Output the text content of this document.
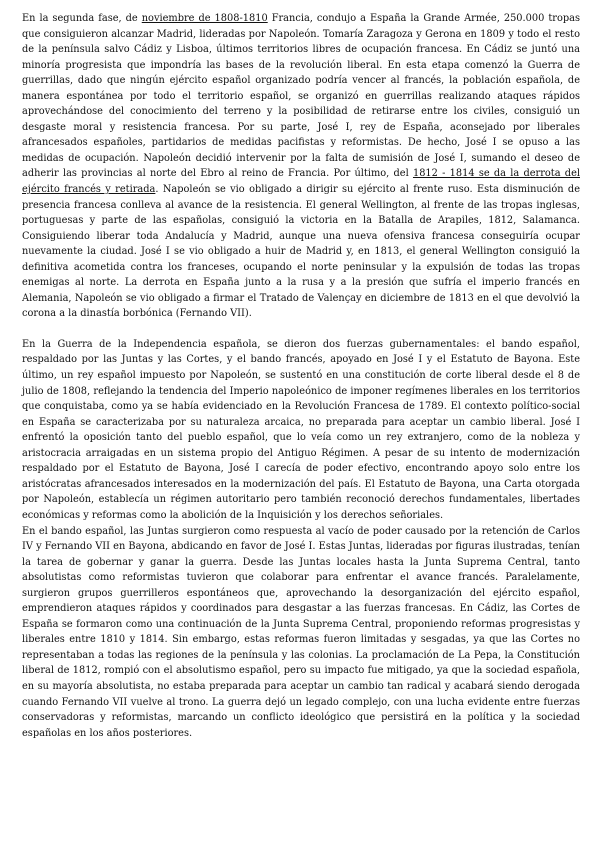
En la segunda fase, de noviembre de 1808-1810 Francia, condujo a España la Grande Armée, 250.000 tropas que consiguieron alcanzar Madrid, lideradas por Napoleón. Tomaría Zaragoza y Gerona en 1809 y todo el resto de la península salvo Cádiz y Lisboa, últimos territorios libres de ocupación francesa. En Cádiz se juntó una minoría progresista que impondría las bases de la revolución liberal. En esta etapa comenzó la Guerra de guerrillas, dado que ningún ejército español organizado podría vencer al francés, la población española, de manera espontánea por todo el territorio español, se organizó en guerrillas realizando ataques rápidos aprovechándose del conocimiento del terreno y la posibilidad de retirarse entre los civiles, consiguió un desgaste moral y resistencia francesa. Por su parte, José I, rey de España, aconsejado por liberales afrancesados españoles, partidarios de medidas pacifistas y reformistas. De hecho, José I se opuso a las medidas de ocupación. Napoleón decidió intervenir por la falta de sumisión de José I, sumando el deseo de adherir las provincias al norte del Ebro al reino de Francia. Por último, del 1812 - 1814 se da la derrota del ejército francés y retirada. Napoleón se vio obligado a dirigir su ejército al frente ruso. Esta disminución de presencia francesa conlleva al avance de la resistencia. El general Wellington, al frente de las tropas inglesas, portuguesas y parte de las españolas, consiguió la victoria en la Batalla de Arapiles, 1812, Salamanca. Consiguiendo liberar toda Andalucía y Madrid, aunque una nueva ofensiva francesa conseguiría ocupar nuevamente la ciudad. José I se vio obligado a huir de Madrid y, en 1813, el general Wellington consiguió la definitiva acometida contra los franceses, ocupando el norte peninsular y la expulsión de todas las tropas enemigas al norte. La derrota en España junto a la rusa y a la presión que sufría el imperio francés en Alemania, Napoleón se vio obligado a firmar el Tratado de Valençay en diciembre de 1813 en el que devolvió la corona a la dinastía borbónica (Fernando VII).

En la Guerra de la Independencia española, se dieron dos fuerzas gubernamentales: el bando español, respaldado por las Juntas y las Cortes, y el bando francés, apoyado en José I y el Estatuto de Bayona. Este último, un rey español impuesto por Napoleón, se sustentó en una constitución de corte liberal desde el 8 de julio de 1808, reflejando la tendencia del Imperio napoleónico de imponer regímenes liberales en los territorios que conquistaba, como ya se había evidenciado en la Revolución Francesa de 1789. El contexto político-social en España se caracterizaba por su naturaleza arcaica, no preparada para aceptar un cambio liberal. José I enfrentó la oposición tanto del pueblo español, que lo veía como un rey extranjero, como de la nobleza y aristocracia arraigadas en un sistema propio del Antiguo Régimen. A pesar de su intento de modernización respaldado por el Estatuto de Bayona, José I carecía de poder efectivo, encontrando apoyo solo entre los aristócratas afrancesados interesados en la modernización del país. El Estatuto de Bayona, una Carta otorgada por Napoleón, establecía un régimen autoritario pero también reconoció derechos fundamentales, libertades económicas y reformas como la abolición de la Inquisición y los derechos señoriales.

En el bando español, las Juntas surgieron como respuesta al vacío de poder causado por la retención de Carlos IV y Fernando VII en Bayona, abdicando en favor de José I. Estas Juntas, lideradas por figuras ilustradas, tenían la tarea de gobernar y ganar la guerra. Desde las Juntas locales hasta la Junta Suprema Central, tanto absolutistas como reformistas tuvieron que colaborar para enfrentar el avance francés. Paralelamente, surgieron grupos guerrilleros espontáneos que, aprovechando la desorganización del ejército español, emprendieron ataques rápidos y coordinados para desgastar a las fuerzas francesas. En Cádiz, las Cortes de España se formaron como una continuación de la Junta Suprema Central, proponiendo reformas progresistas y liberales entre 1810 y 1814. Sin embargo, estas reformas fueron limitadas y sesgadas, ya que las Cortes no representaban a todas las regiones de la península y las colonias. La proclamación de La Pepa, la Constitución liberal de 1812, rompió con el absolutismo español, pero su impacto fue mitigado, ya que la sociedad española, en su mayoría absolutista, no estaba preparada para aceptar un cambio tan radical y acabará siendo derogada cuando Fernando VII vuelve al trono. La guerra dejó un legado complejo, con una lucha evidente entre fuerzas conservadoras y reformistas, marcando un conflicto ideológico que persistirá en la política y la sociedad españolas en los años posteriores.
